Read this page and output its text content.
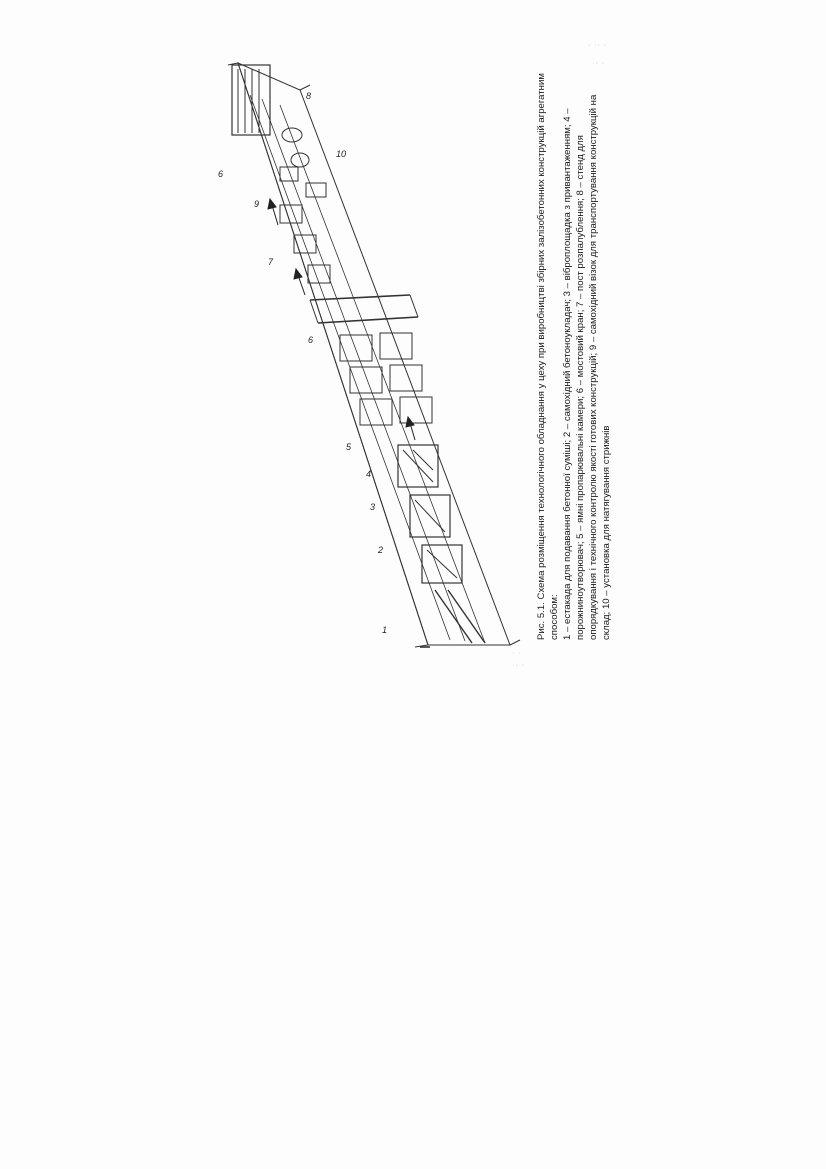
· ·· ·
·· ·
· ·
·· ·
1
2
3
4
5
6
6
7
8
9
10	Рис. 5.1. Схема розміщення технологічного обладнання у цеху при виробництві збірних залізобетонних конструкцій агрегатним способом: 1 – естакада для подавання бетонної суміші; 2 – самохідний бетоноукладач; 3 – віброплощадка з привантаженням; 4 – порожниноутворювач; 5 – ямні пропарювальні камери; 6 – мостовий кран; 7 – пост розпалублення; 8 – стенд для опорядкування і технічного контролю якості готових конструкцій; 9 – самохідний візок для транспортування конструкцій на склад; 10 – установка для натягування стрижнів
